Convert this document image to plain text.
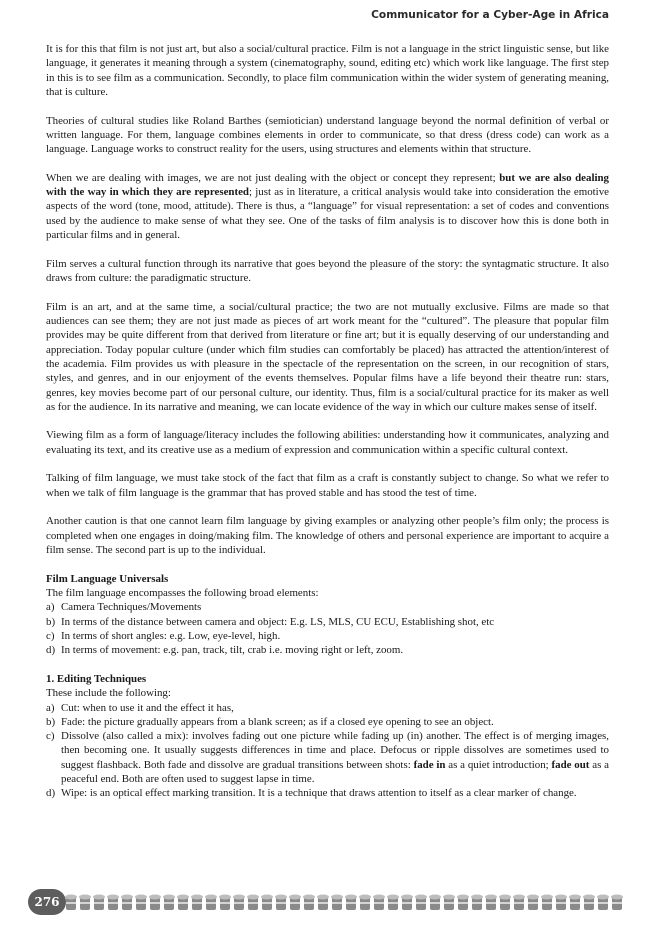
Communicator for a Cyber-Age in Africa

It is for this that film is not just art, but also a social/cultural practice. Film is not a language in the strict linguistic sense, but like language, it generates it meaning through a system (cinematography, sound, editing etc) which work like language. The first step in this is to see film as a communication. Secondly, to place film communication within the wider system of generating meaning, that is culture.

Theories of cultural studies like Roland Barthes (semiotician) understand language beyond the normal definition of verbal or written language. For them, language combines elements in order to communicate, so that dress (dress code) can work as a language. Language works to construct reality for the users, using structures and elements within that structure.

When we are dealing with images, we are not just dealing with the object or concept they represent; but we are also dealing with the way in which they are represented; just as in literature, a critical analysis would take into consideration the emotive aspects of the word (tone, mood, attitude). There is thus, a “language” for visual representation: a set of codes and conventions used by the audience to make sense of what they see. One of the tasks of film analysis is to discover how this is done both in particular films and in general.

Film serves a cultural function through its narrative that goes beyond the pleasure of the story: the syntagmatic structure. It also draws from culture: the paradigmatic structure.

Film is an art, and at the same time, a social/cultural practice; the two are not mutually exclusive. Films are made so that audiences can see them; they are not just made as pieces of art work meant for the “cultured”. The pleasure that popular film provides may be quite different from that derived from literature or fine art; but it is equally deserving of our understanding and appreciation. Today popular culture (under which film studies can comfortably be placed) has attracted the attention/interest of the academia. Film provides us with pleasure in the spectacle of the representation on the screen, in our recognition of stars, styles, and genres, and in our enjoyment of the events themselves. Popular films have a life beyond their theatre run: stars, genres, key movies become part of our personal culture, our identity. Thus, film is a social/cultural practice for its maker as well as for the audience. In its narrative and meaning, we can locate evidence of the way in which our culture makes sense of itself.

Viewing film as a form of language/literacy includes the following abilities: understanding how it communicates, analyzing and evaluating its text, and its creative use as a medium of expression and communication within a specific cultural context.

Talking of film language, we must take stock of the fact that film as a craft is constantly subject to change. So what we refer to when we talk of film language is the grammar that has proved stable and has stood the test of time.

Another caution is that one cannot learn film language by giving examples or analyzing other people’s film only; the process is completed when one engages in doing/making film. The knowledge of others and personal experience are important to acquire a film sense. The second part is up to the individual.

Film Language Universals
The film language encompasses the following broad elements:
a) Camera Techniques/Movements
b) In terms of the distance between camera and object: E.g. LS, MLS, CU ECU, Establishing shot, etc
c) In terms of short angles: e.g. Low, eye-level, high.
d) In terms of movement: e.g. pan, track, tilt, crab i.e. moving right or left, zoom.
1. Editing Techniques
These include the following:
a) Cut: when to use it and the effect it has,
b) Fade: the picture gradually appears from a blank screen; as if a closed eye opening to see an object.
c) Dissolve (also called a mix): involves fading out one picture while fading up (in) another. The effect is of merging images, then becoming one. It usually suggests differences in time and place. Defocus or ripple dissolves are sometimes used to suggest flashback. Both fade and dissolve are gradual transitions between shots: fade in as a quiet introduction; fade out as a peaceful end. Both are often used to suggest lapse in time.
d) Wipe: is an optical effect marking transition. It is a technique that draws attention to itself as a clear marker of change.
276
